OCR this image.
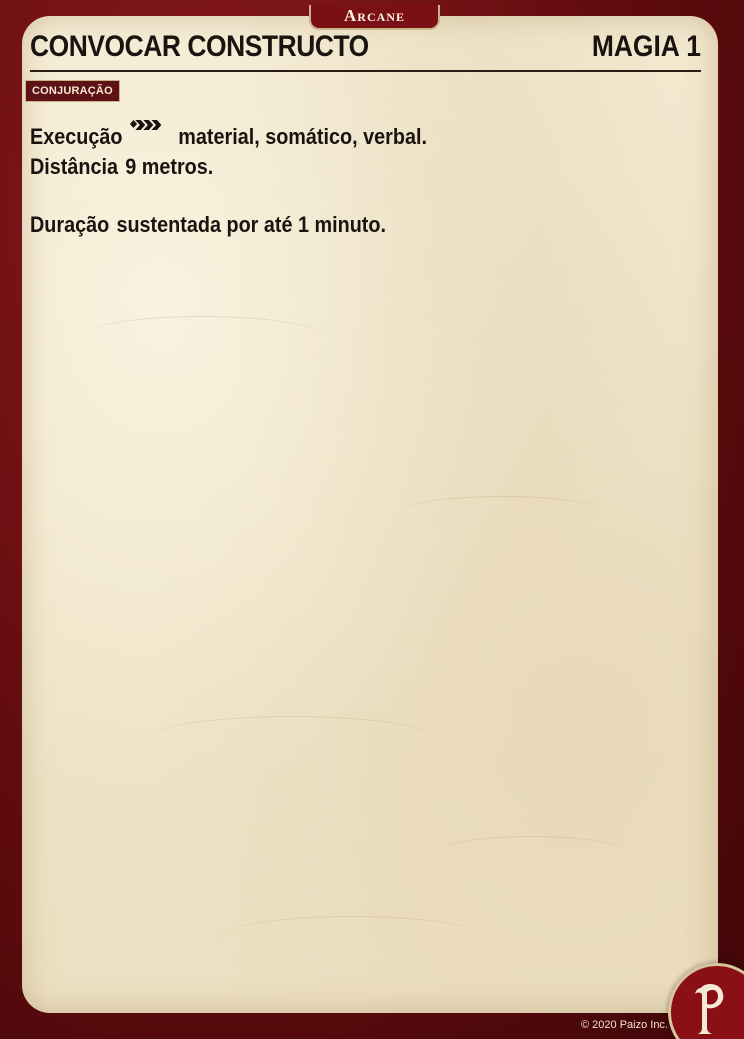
Arcane
CONVOCAR CONSTRUCTO	MAGIA 1
CONJURAÇÃO
Execução	material, somático, verbal.
Distância 9 metros.
Duração sustentada por até 1 minuto.
© 2020 Paizo Inc.
